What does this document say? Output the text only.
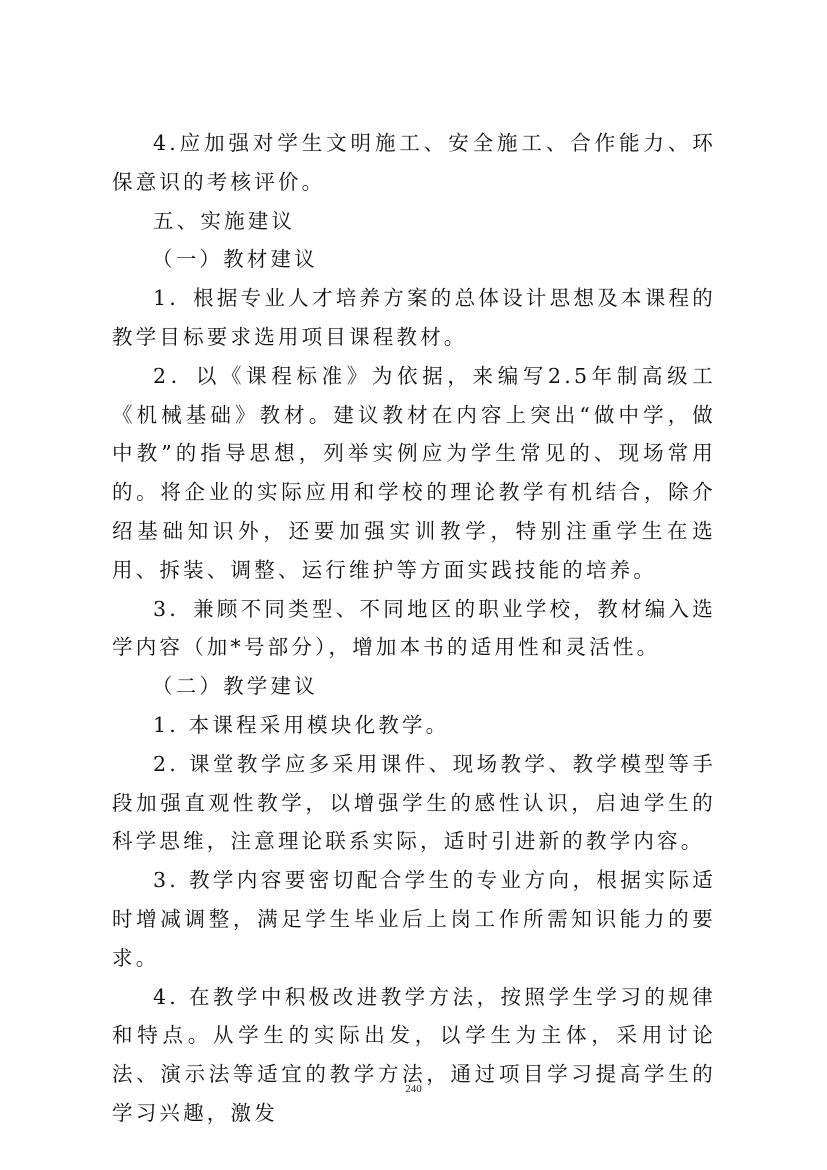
4.应加强对学生文明施工、安全施工、合作能力、环保意识的考核评价。

五、实施建议

（一）教材建议

1．根据专业人才培养方案的总体设计思想及本课程的教学目标要求选用项目课程教材。

2．以《课程标准》为依据，来编写2.5年制高级工《机械基础》教材。建议教材在内容上突出“做中学，做中教”的指导思想，列举实例应为学生常见的、现场常用的。将企业的实际应用和学校的理论教学有机结合，除介绍基础知识外，还要加强实训教学，特别注重学生在选用、拆装、调整、运行维护等方面实践技能的培养。

3．兼顾不同类型、不同地区的职业学校，教材编入选学内容（加*号部分），增加本书的适用性和灵活性。

（二）教学建议

1. 本课程采用模块化教学。

2. 课堂教学应多采用课件、现场教学、教学模型等手段加强直观性教学，以增强学生的感性认识，启迪学生的科学思维，注意理论联系实际，适时引进新的教学内容。

3. 教学内容要密切配合学生的专业方向，根据实际适时增减调整，满足学生毕业后上岗工作所需知识能力的要求。

4. 在教学中积极改进教学方法，按照学生学习的规律和特点。从学生的实际出发，以学生为主体，采用讨论法、演示法等适宜的教学方法，通过项目学习提高学生的学习兴趣，激发

240
